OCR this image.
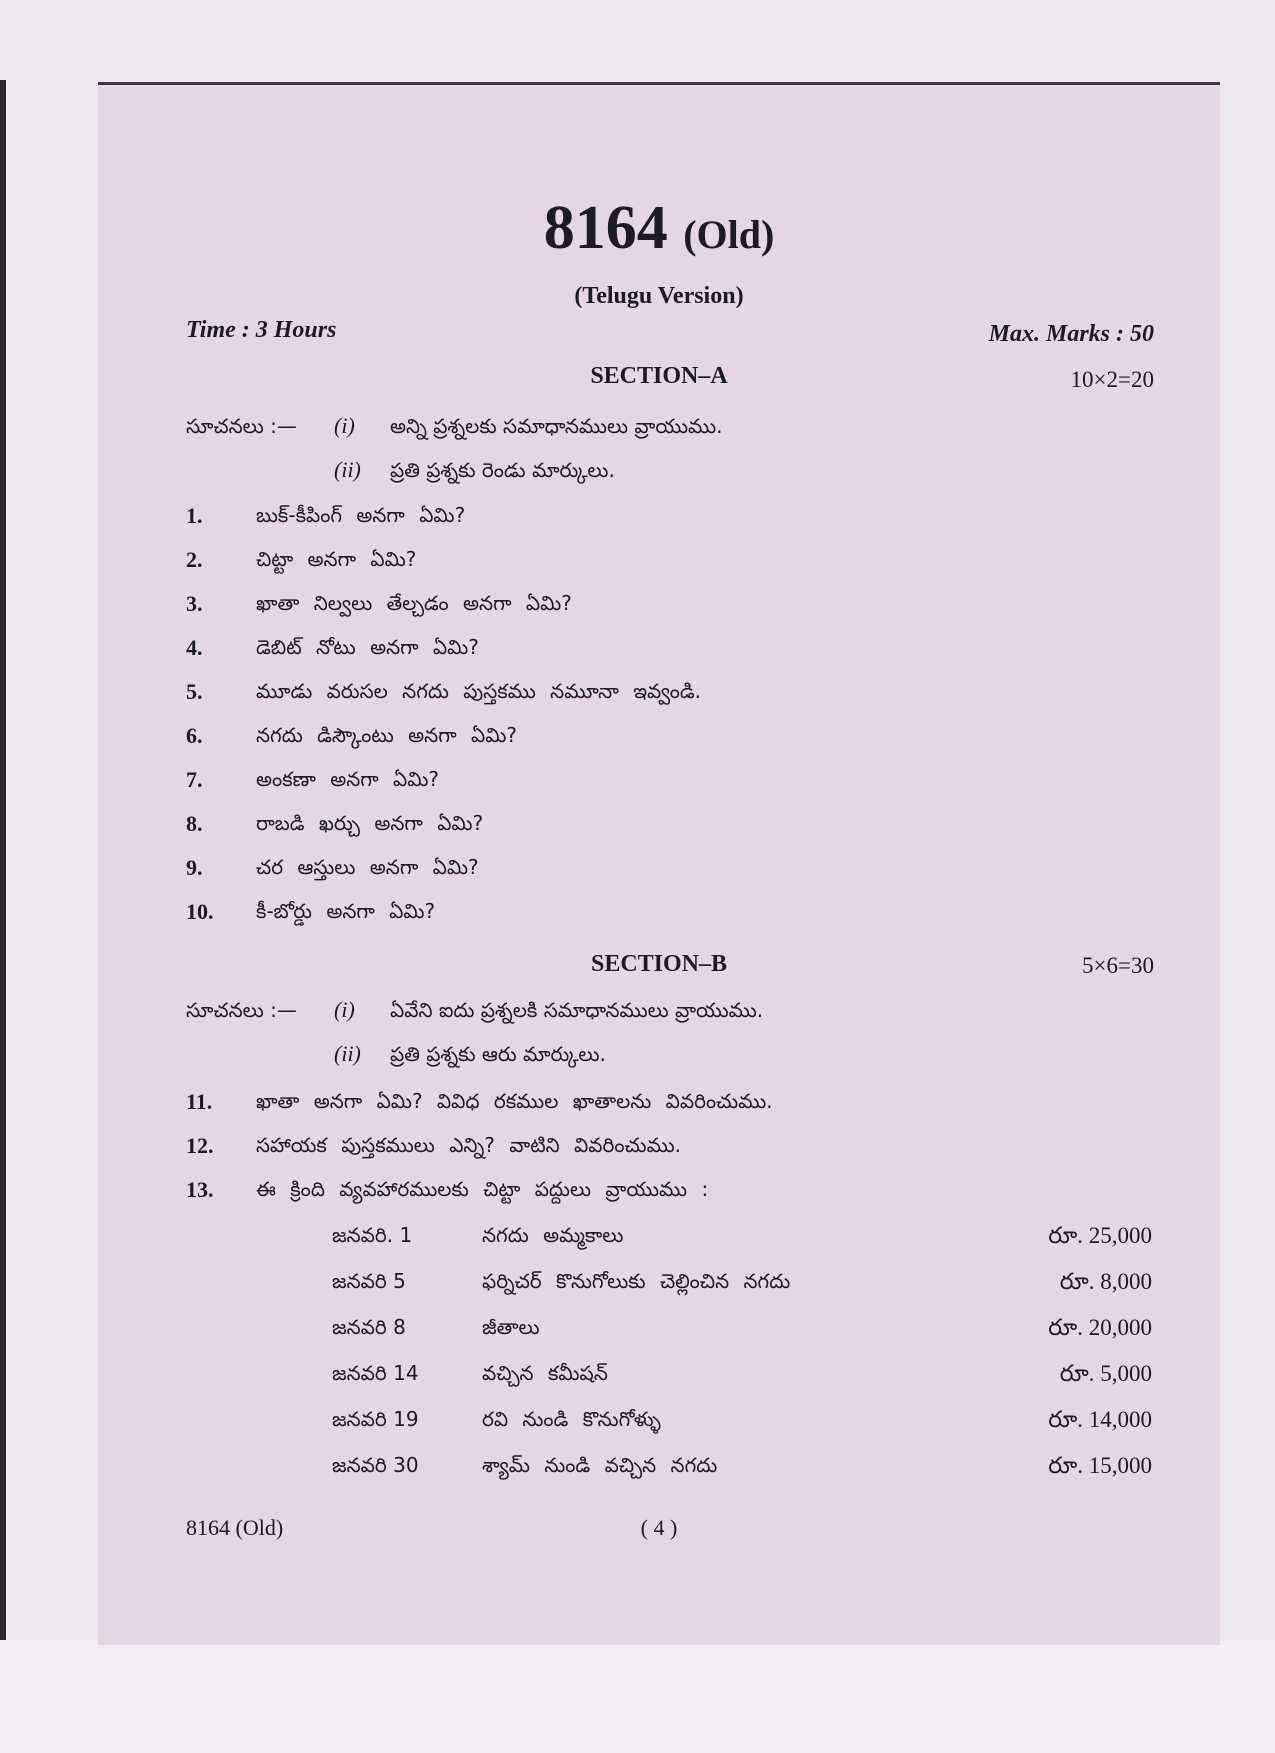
8164 (Old)
(Telugu Version)
Time : 3 Hours	Max. Marks : 50
SECTION–A	10×2=20
సూచనలు :— (i) అన్ని ప్రశ్నలకు సమాధానములు వ్రాయుము.
(ii) ప్రతి ప్రశ్నకు రెండు మార్కులు.
1.	బుక్-కీపింగ్ అనగా ఏమి?
2.	చిట్టా అనగా ఏమి?
3.	ఖాతా నిల్వలు తేల్చడం అనగా ఏమి?
4.	డెబిట్ నోటు అనగా ఏమి?
5.	మూడు వరుసల నగదు పుస్తకము నమూనా ఇవ్వండి.
6.	నగదు డిస్కౌంటు అనగా ఏమి?
7.	అంకణా అనగా ఏమి?
8.	రాబడి ఖర్చు అనగా ఏమి?
9.	చర ఆస్తులు అనగా ఏమి?
10. కీ-బోర్డు అనగా ఏమి?
SECTION–B	5×6=30
సూచనలు :— (i) ఏవేని ఐదు ప్రశ్నలకి సమాధానములు వ్రాయుము.
(ii) ప్రతి ప్రశ్నకు ఆరు మార్కులు.
11. ఖాతా అనగా ఏమి? వివిధ రకముల ఖాతాలను వివరించుము.
12. సహాయక పుస్తకములు ఎన్ని? వాటిని వివరించుము.
13. ఈ క్రింది వ్యవహారములకు చిట్టా పద్దులు వ్రాయుము :
జనవరి. 1	నగదు అమ్మకాలు	రూ. 25,000
జనవరి 5	ఫర్నిచర్ కొనుగోలుకు చెల్లించిన నగదు	రూ. 8,000
జనవరి 8	జీతాలు	రూ. 20,000
జనవరి 14	వచ్చిన కమీషన్	రూ. 5,000
జనవరి 19	రవి నుండి కొనుగోళ్ళు	రూ. 14,000
జనవరి 30	శ్యామ్ నుండి వచ్చిన నగదు	రూ. 15,000
8164 (Old)	( 4 )
